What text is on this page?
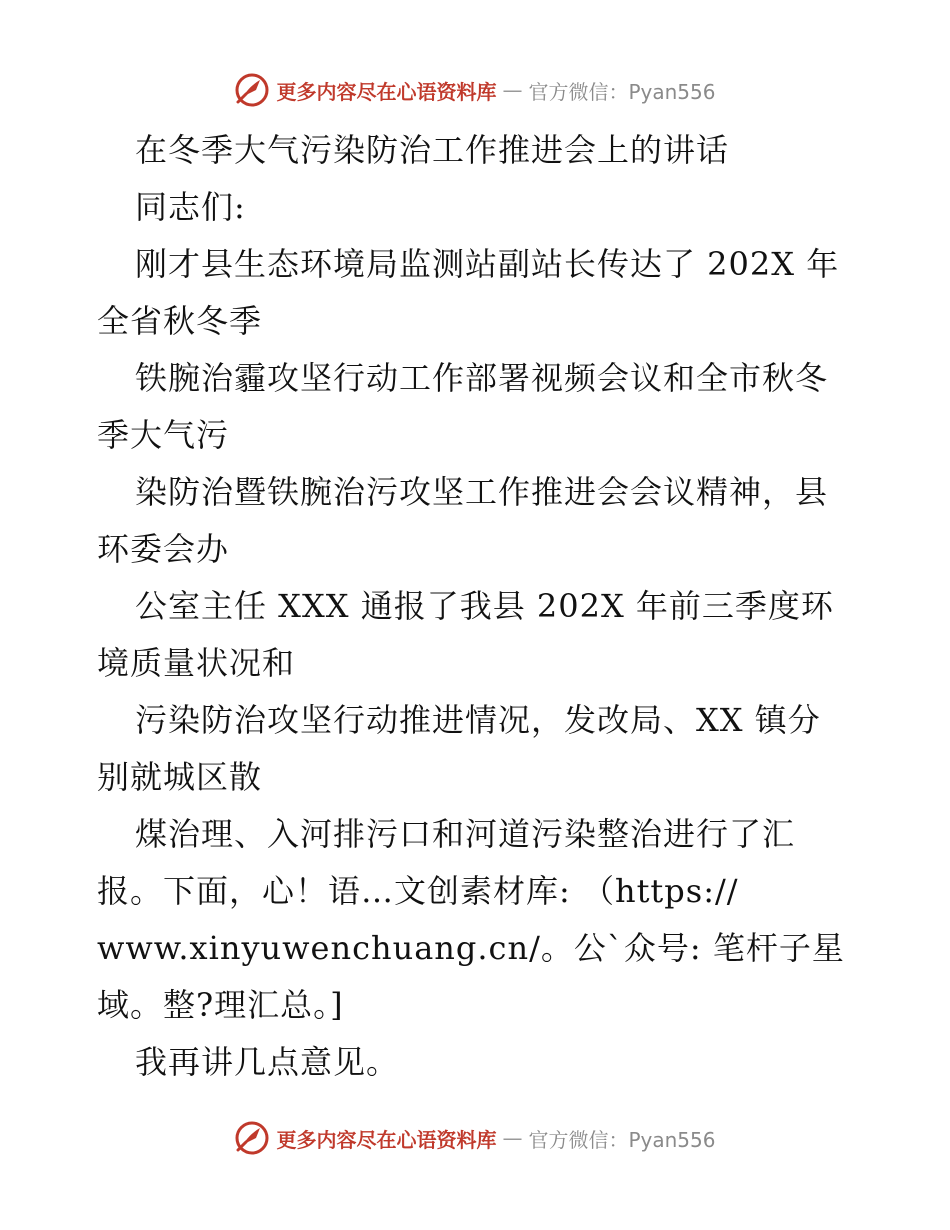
更多内容尽在心语资料库 — 官方微信：Pyan556

在冬季大气污染防治工作推进会上的讲话

同志们:

刚才县生态环境局监测站副站长传达了 202X 年

全省秋冬季

铁腕治霾攻坚行动工作部署视频会议和全市秋冬

季大气污

染防治暨铁腕治污攻坚工作推进会会议精神，县

环委会办

公室主任 XXX 通报了我县 202X 年前三季度环

境质量状况和

污染防治攻坚行动推进情况，发改局、XX 镇分

别就城区散

煤治理、入河排污口和河道污染整治进行了汇

报。下面，心！语…文创素材库: （https://

www.xinyuwenchuang.cn/。公`众号: 笔杆子星

域。整?理汇总。]

我再讲几点意见。

更多内容尽在心语资料库 — 官方微信：Pyan556
